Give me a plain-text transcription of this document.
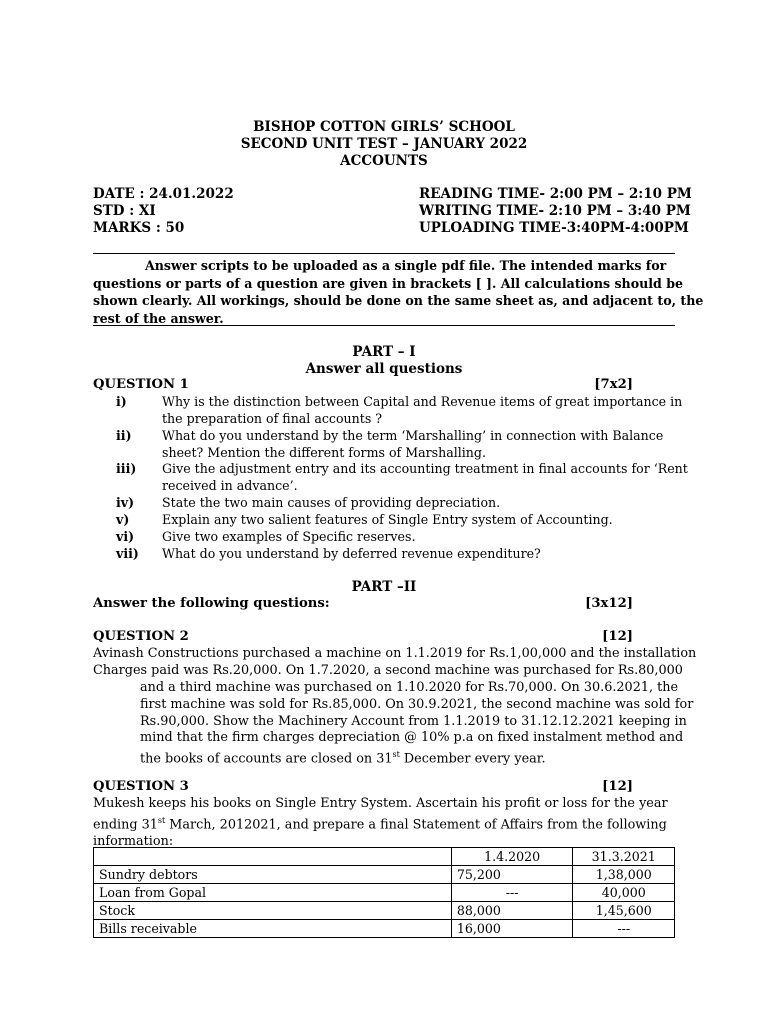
BISHOP COTTON GIRLS’ SCHOOL
SECOND UNIT TEST – JANUARY 2022
ACCOUNTS
DATE : 24.01.2022
STD : XI
MARKS : 50
READING TIME- 2:00 PM – 2:10 PM
WRITING TIME- 2:10 PM – 3:40 PM
UPLOADING TIME-3:40PM-4:00PM
Answer scripts to be uploaded as a single pdf file. The intended marks for
questions or parts of a question are given in brackets [ ]. All calculations should be
shown clearly. All workings, should be done on the same sheet as, and adjacent to, the
rest of the answer.
PART – I
Answer all questions
QUESTION 1	[7x2]
i)	Why is the distinction between Capital and Revenue items of great importance in
the preparation of final accounts ?
ii)	What do you understand by the term ‘Marshalling’ in connection with Balance
sheet? Mention the different forms of Marshalling.
iii)	Give the adjustment entry and its accounting treatment in final accounts for ‘Rent
received in advance’.
iv)	State the two main causes of providing depreciation.
v)	Explain any two salient features of Single Entry system of Accounting.
vi)	Give two examples of Specific reserves.
vii)	What do you understand by deferred revenue expenditure?
PART –II
Answer the following questions:	[3x12]
QUESTION 2	[12]
Avinash Constructions purchased a machine on 1.1.2019 for Rs.1,00,000 and the installation
Charges paid was Rs.20,000. On 1.7.2020, a second machine was purchased for Rs.80,000
and a third machine was purchased on 1.10.2020 for Rs.70,000. On 30.6.2021, the
first machine was sold for Rs.85,000. On 30.9.2021, the second machine was sold for
Rs.90,000. Show the Machinery Account from 1.1.2019 to 31.12.12.2021 keeping in
mind that the firm charges depreciation @ 10% p.a on fixed instalment method and
the books of accounts are closed on 31st December every year.
QUESTION 3	[12]
Mukesh keeps his books on Single Entry System. Ascertain his profit or loss for the year
ending 31st March, 2012021, and prepare a final Statement of Affairs from the following
information:
	1.4.2020	31.3.2021
Sundry debtors	75,200	1,38,000
Loan from Gopal	---	40,000
Stock	88,000	1,45,600
Bills receivable	16,000	---
